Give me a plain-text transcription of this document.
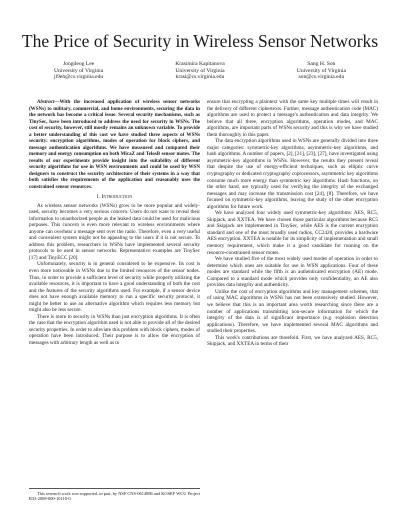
The Price of Security in Wireless Sensor Networks
Jongdeog Lee
University of Virginia
jl9eh@cs.virginia.edu
Krasimira Kapitanova
University of Virginia
krasi@cs.virginia.edu
Sang H. Son
University of Virginia
son@cs.virginia.edu

Abstract—With the increased application of wireless sensor networks (WSNs) to military, commercial, and home environments, securing the data in the network has become a critical issue. Several security mechanisms, such as TinySec, have been introduced to address the need for security in WSNs. The cost of security, however, still mostly remains an unknown variable. To provide a better understanding of this cost we have studied three aspects of WSNs security: encryption algorithms, modes of operation for block ciphers, and message authentication algorithms. We have measured and compared their memory and energy consumption on both MicaZ and TelosB sensor motes. The results of our experiments provide insight into the suitability of different security algorithms for use in WSN environments and could be used by WSN designers to construct the security architecture of their systems in a way that both satisfies the requirements of the application and reasonably uses the constrained sensor resources.

I. Introduction

As wireless sensor networks (WSNs) grow to be more popular and widely-used, security becomes a very serious concern. Users do not want to reveal their information to unauthorized people as the leaked data could be used for malicious purposes. This concern is even more relevant to wireless environments where anyone can overhear a message sent over the radio. Therefore, even a very useful and convenient system might not be appealing to the users if it is not secure. To address this problem, researchers in WSNs have implemented several security protocols to be used in sensor networks. Representative examples are TinySec [17] and TinyECC [20].

Unfortunately, security is in general considered to be expensive. Its cost is even more noticeable in WSNs due to the limited resources of the sensor nodes. Thus, in order to provide a sufficient level of security while properly utilizing the available resources, it is important to have a good understanding of both the cost and the features of the security algorithms used. For example, if a sensor device does not have enough available memory to run a specific security protocol, it might be better to use an alternative algorithm which requires less memory but might also be less secure.

There is more to security in WSNs than just encryption algorithms. It is often the case that the encryption algorithm used is not able to provide all of the desired security properties. In order to alleviate this problem with block ciphers, modes of operation have been introduced. Their purpose is to allow the encryption of messages with arbitrary length as well as to

This research work was supported, in part, by NSF CNS-0614886 and KOSEF WCU Project R33-2008-000-10110-0.

ensure that encrypting a plaintext with the same key multiple times will result in the delivery of different ciphertexts. Further, message authentication code (MAC) algorithms are used to protect a message's authentication and data integrity. We believe that all three, encryption algorithms, operation modes, and MAC algorithms, are important parts of WSNs security and this is why we have studied them thoroughly in this paper.

The data encryption algorithms used in WSNs are generally divided into three major categories: symmetric-key algorithms, asymmetric-key algorithms, and hash algorithms. A number of papers, [2], [21], [23], [27], have investigated using asymmetric-key algorithms in WSNs. However, the results they present reveal that despite the use of energy-efficient techniques, such as elliptic curve cryptography or dedicated cryptography coprocessors, asymmetric key algorithms consume much more energy than symmetric key algorithms. Hash functions, on the other hand, are typically used for verifying the integrity of the exchanged messages and may increase the transmission cost [24], [8]. Therefore, we have focused on symmetric-key algorithms, leaving the study of the other encryption algorithms for future work.

We have analyzed four widely used symmetric-key algorithms: AES, RC5, Skipjack, and XXTEA. We have chosen those particular algorithms because RC5 and Skipjack are implemented in TinySec, while AES is the current encryption standard and one of the most broadly used radios, CC2420, provides a hardware AES encryption. XXTEA is notable for its simplicity of implementation and small memory requirement, which make it a good candidate for running on the resource-constrained sensor motes.

We have studied five of the most widely used modes of operation in order to determine which ones are suitable for use in WSN applications. Four of these modes are standard while the fifth is an authenticated encryption (AE) mode. Compared to a standard mode which provides only confidentiality, an AE also provides data integrity and authenticity.

Unlike the cost of encryption algorithms and key management schemes, that of using MAC algorithms in WSNs has not been extensively studied. However, we believe that this is an important area worth researching since there are a number of applications transmitting non-secure information for which the integrity of the data is of significant importance (e.g. explosion detection applications). Therefore, we have implemented several MAC algorithms and studied their properties.

This work's contributions are threefold. First, we have analyzed AES, RC5, Skipjack, and XXTEA in terms of their
